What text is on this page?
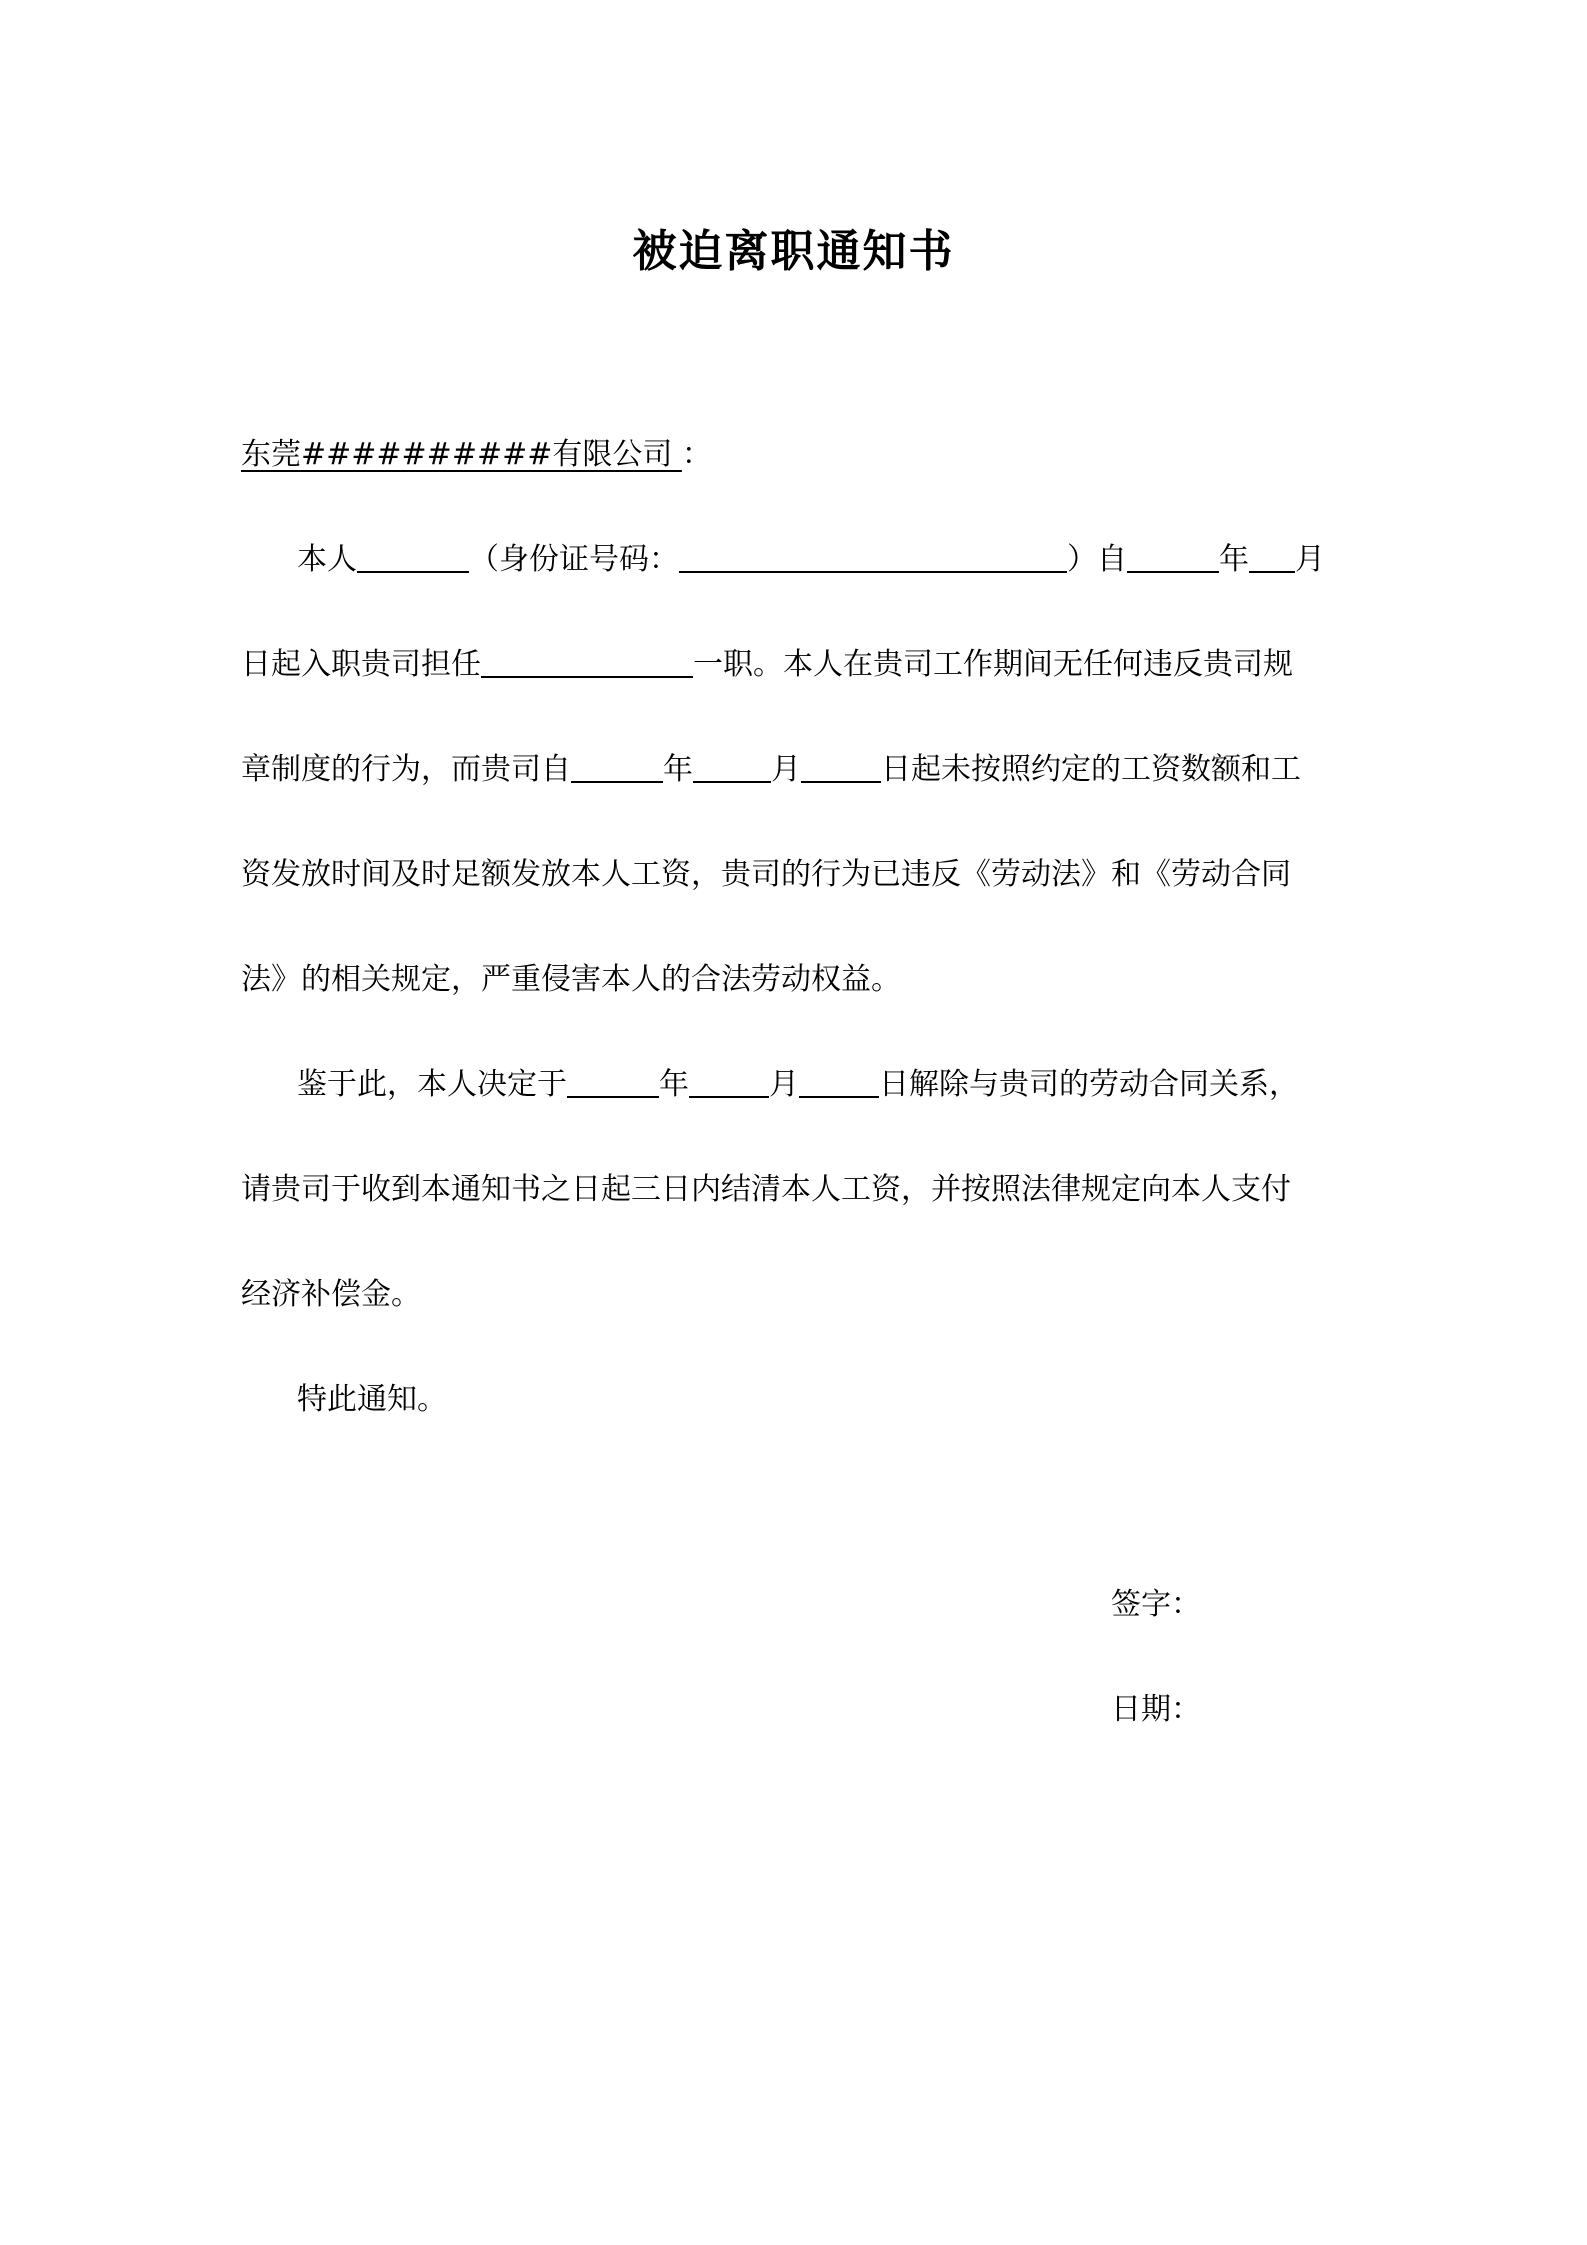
被迫离职通知书
东莞##########有限公司 ：
本人	（身份证号码：	）自	年 月
日起入职贵司担任	一职。本人在贵司工作期间无任何违反贵司规
章制度的行为，而贵司自	年	月	日起未按照约定的工资数额和工
资发放时间及时足额发放本人工资，贵司的行为已违反《劳动法》和《劳动合同
法》的相关规定，严重侵害本人的合法劳动权益。
鉴于此，本人决定于	年	月	日解除与贵司的劳动合同关系，
请贵司于收到本通知书之日起三日内结清本人工资，并按照法律规定向本人支付
经济补偿金。
特此通知。
签字：
日期：
